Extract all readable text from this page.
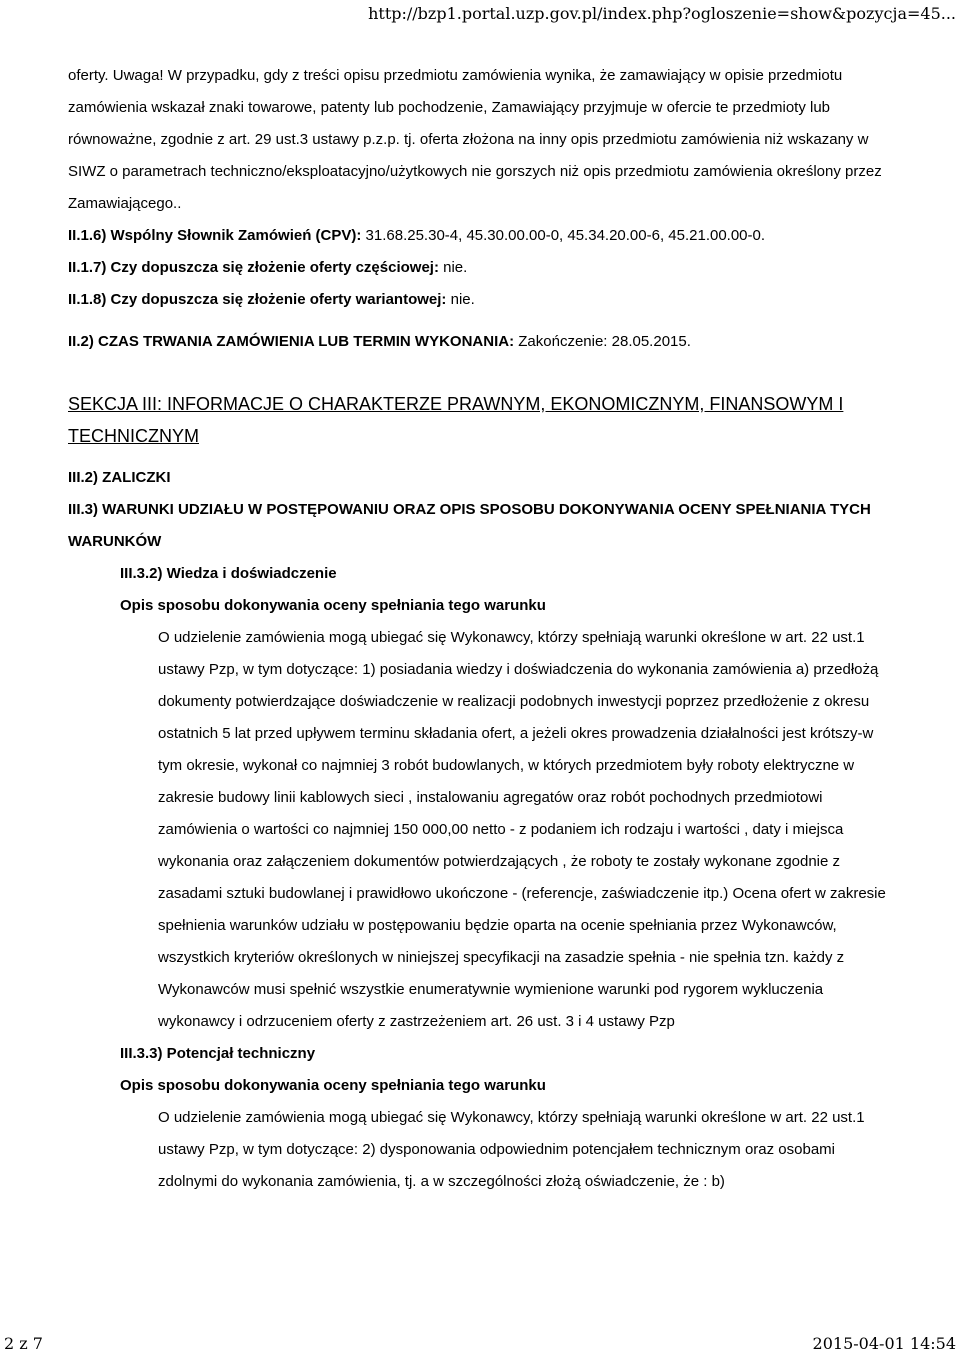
http://bzp1.portal.uzp.gov.pl/index.php?ogloszenie=show&pozycja=45...

oferty. Uwaga! W przypadku, gdy z treści opisu przedmiotu zamówienia wynika, że zamawiający w opisie przedmiotu zamówienia wskazał znaki towarowe, patenty lub pochodzenie, Zamawiający przyjmuje w ofercie te przedmioty lub równoważne, zgodnie z art. 29 ust.3 ustawy p.z.p. tj. oferta złożona na inny opis przedmiotu zamówienia niż wskazany w SIWZ o parametrach techniczno/eksploatacyjno/użytkowych nie gorszych niż opis przedmiotu zamówienia określony przez Zamawiającego..

II.1.6) Wspólny Słownik Zamówień (CPV): 31.68.25.30-4, 45.30.00.00-0, 45.34.20.00-6, 45.21.00.00-0.

II.1.7) Czy dopuszcza się złożenie oferty częściowej: nie.

II.1.8) Czy dopuszcza się złożenie oferty wariantowej: nie.

II.2) CZAS TRWANIA ZAMÓWIENIA LUB TERMIN WYKONANIA: Zakończenie: 28.05.2015.

SEKCJA III: INFORMACJE O CHARAKTERZE PRAWNYM, EKONOMICZNYM, FINANSOWYM I TECHNICZNYM

III.2) ZALICZKI

III.3) WARUNKI UDZIAŁU W POSTĘPOWANIU ORAZ OPIS SPOSOBU DOKONYWANIA OCENY SPEŁNIANIA TYCH WARUNKÓW

III.3.2) Wiedza i doświadczenie

Opis sposobu dokonywania oceny spełniania tego warunku

O udzielenie zamówienia mogą ubiegać się Wykonawcy, którzy spełniają warunki określone w art. 22 ust.1 ustawy Pzp, w tym dotyczące: 1) posiadania wiedzy i doświadczenia do wykonania zamówienia a) przedłożą dokumenty potwierdzające doświadczenie w realizacji podobnych inwestycji poprzez przedłożenie z okresu ostatnich 5 lat przed upływem terminu składania ofert, a jeżeli okres prowadzenia działalności jest krótszy-w tym okresie, wykonał co najmniej 3 robót budowlanych, w których przedmiotem były roboty elektryczne w zakresie budowy linii kablowych sieci , instalowaniu agregatów oraz robót pochodnych przedmiotowi zamówienia o wartości co najmniej 150 000,00 netto - z podaniem ich rodzaju i wartości , daty i miejsca wykonania oraz załączeniem dokumentów potwierdzających , że roboty te zostały wykonane zgodnie z zasadami sztuki budowlanej i prawidłowo ukończone - (referencje, zaświadczenie itp.) Ocena ofert w zakresie spełnienia warunków udziału w postępowaniu będzie oparta na ocenie spełniania przez Wykonawców, wszystkich kryteriów określonych w niniejszej specyfikacji na zasadzie spełnia - nie spełnia tzn. każdy z Wykonawców musi spełnić wszystkie enumeratywnie wymienione warunki pod rygorem wykluczenia wykonawcy i odrzuceniem oferty z zastrzeżeniem art. 26 ust. 3 i 4 ustawy Pzp

III.3.3) Potencjał techniczny

Opis sposobu dokonywania oceny spełniania tego warunku

O udzielenie zamówienia mogą ubiegać się Wykonawcy, którzy spełniają warunki określone w art. 22 ust.1 ustawy Pzp, w tym dotyczące: 2) dysponowania odpowiednim potencjałem technicznym oraz osobami zdolnymi do wykonania zamówienia, tj. a w szczególności złożą oświadczenie, że : b)

2 z 7	2015-04-01 14:54
